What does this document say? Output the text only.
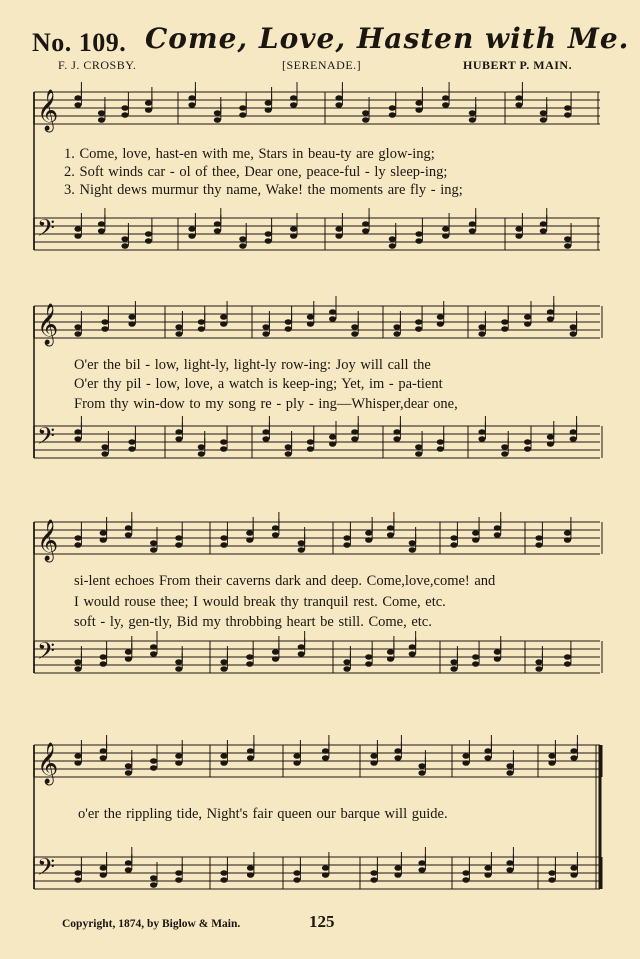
No. 109. Come, Love, Hasten with Me.
F. J. CROSBY.	[SERENADE.]	HUBERT P. MAIN.
𝄞
𝄢
𝄞
𝄢
𝄞
𝄢
𝄞
𝄢
1. Come, love, hast-en with me, Stars in beau-ty are glow-ing;
2. Soft winds car - ol of thee, Dear one, peace-ful - ly sleep-ing;
3. Night dews murmur thy name, Wake! the moments are fly - ing;
O'er the bil - low, light-ly, light-ly row-ing: Joy will call the
O'er thy pil - low, love, a watch is keep-ing; Yet, im - pa-tient
From thy win-dow to my song re - ply - ing—Whisper,dear one,
si-lent echoes From their caverns dark and deep. Come,love,come! and
I would rouse thee; I would break thy tranquil rest. Come, etc.
soft - ly, gen-tly, Bid my throbbing heart be still. Come, etc.
o'er the rippling tide, Night's fair queen our barque will guide.
Copyright, 1874, by Biglow & Main.	125
